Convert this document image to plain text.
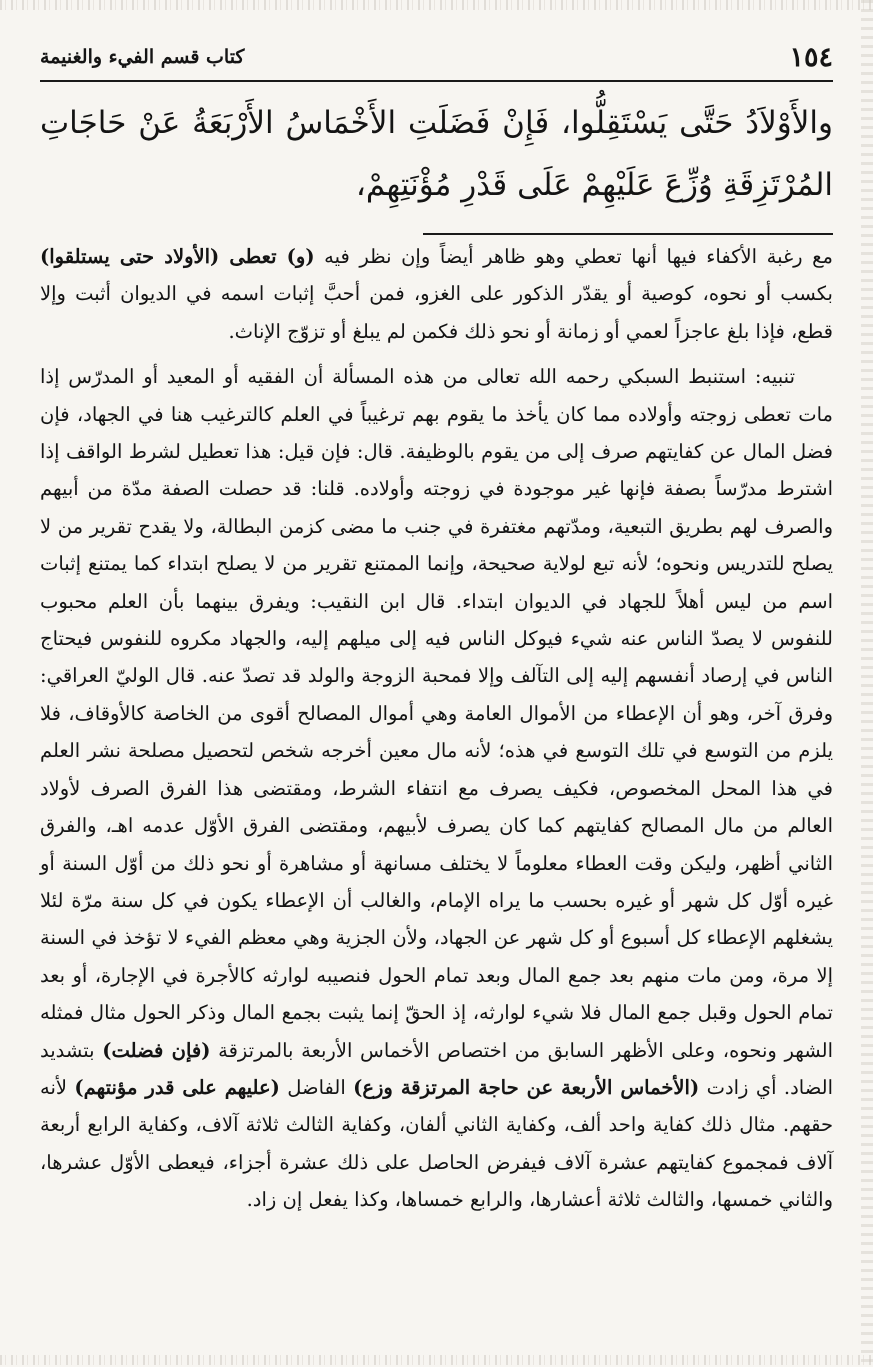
١٥٤
كتاب قسم الفيء والغنيمة
والأَوْلاَدُ حَتَّى يَسْتَقِلُّوا، فَإِنْ فَضَلَتِ الأَخْمَاسُ الأَرْبَعَةُ عَنْ حَاجَاتِ المُرْتَزِقَةِ وُزِّعَ عَلَيْهِمْ عَلَى قَدْرِ مُؤْنَتِهِمْ،

مع رغبة الأكفاء فيها أنها تعطي وهو ظاهر أيضاً وإن نظر فيه (و) تعطى (الأولاد حتى يستلقوا) بكسب أو نحوه، كوصية أو يقدّر الذكور على الغزو، فمن أحبَّ إثبات اسمه في الديوان أثبت وإلا قطع، فإذا بلغ عاجزاً لعمي أو زمانة أو نحو ذلك فكمن لم يبلغ أو تزوّج الإناث.

تنبيه: استنبط السبكي رحمه الله تعالى من هذه المسألة أن الفقيه أو المعيد أو المدرّس إذا مات تعطى زوجته وأولاده مما كان يأخذ ما يقوم بهم ترغيباً في العلم كالترغيب هنا في الجهاد، فإن فضل المال عن كفايتهم صرف إلى من يقوم بالوظيفة. قال: فإن قيل: هذا تعطيل لشرط الواقف إذا اشترط مدرّساً بصفة فإنها غير موجودة في زوجته وأولاده. قلنا: قد حصلت الصفة مدّة من أبيهم والصرف لهم بطريق التبعية، ومدّتهم مغتفرة في جنب ما مضى كزمن البطالة، ولا يقدح تقرير من لا يصلح للتدريس ونحوه؛ لأنه تبع لولاية صحيحة، وإنما الممتنع تقرير من لا يصلح ابتداء كما يمتنع إثبات اسم من ليس أهلاً للجهاد في الديوان ابتداء. قال ابن النقيب: ويفرق بينهما بأن العلم محبوب للنفوس لا يصدّ الناس عنه شيء فيوكل الناس فيه إلى ميلهم إليه، والجهاد مكروه للنفوس فيحتاج الناس في إرصاد أنفسهم إليه إلى التآلف وإلا فمحبة الزوجة والولد قد تصدّ عنه. قال الوليّ العراقي: وفرق آخر، وهو أن الإعطاء من الأموال العامة وهي أموال المصالح أقوى من الخاصة كالأوقاف، فلا يلزم من التوسع في تلك التوسع في هذه؛ لأنه مال معين أخرجه شخص لتحصيل مصلحة نشر العلم في هذا المحل المخصوص، فكيف يصرف مع انتفاء الشرط، ومقتضى هذا الفرق الصرف لأولاد العالم من مال المصالح كفايتهم كما كان يصرف لأبيهم، ومقتضى الفرق الأوّل عدمه اهـ، والفرق الثاني أظهر، وليكن وقت العطاء معلوماً لا يختلف مسانهة أو مشاهرة أو نحو ذلك من أوّل السنة أو غيره أوّل كل شهر أو غيره بحسب ما يراه الإمام، والغالب أن الإعطاء يكون في كل سنة مرّة لئلا يشغلهم الإعطاء كل أسبوع أو كل شهر عن الجهاد، ولأن الجزية وهي معظم الفيء لا تؤخذ في السنة إلا مرة، ومن مات منهم بعد جمع المال وبعد تمام الحول فنصيبه لوارثه كالأجرة في الإجارة، أو بعد تمام الحول وقبل جمع المال فلا شيء لوارثه، إذ الحقّ إنما يثبت بجمع المال وذكر الحول مثال فمثله الشهر ونحوه، وعلى الأظهر السابق من اختصاص الأخماس الأربعة بالمرتزقة (فإن فضلت) بتشديد الضاد. أي زادت (الأخماس الأربعة عن حاجة المرتزقة وزع) الفاضل (عليهم على قدر مؤنتهم) لأنه حقهم. مثال ذلك كفاية واحد ألف، وكفاية الثاني ألفان، وكفاية الثالث ثلاثة آلاف، وكفاية الرابع أربعة آلاف فمجموع كفايتهم عشرة آلاف فيفرض الحاصل على ذلك عشرة أجزاء، فيعطى الأوّل عشرها، والثاني خمسها، والثالث ثلاثة أعشارها، والرابع خمساها، وكذا يفعل إن زاد.
